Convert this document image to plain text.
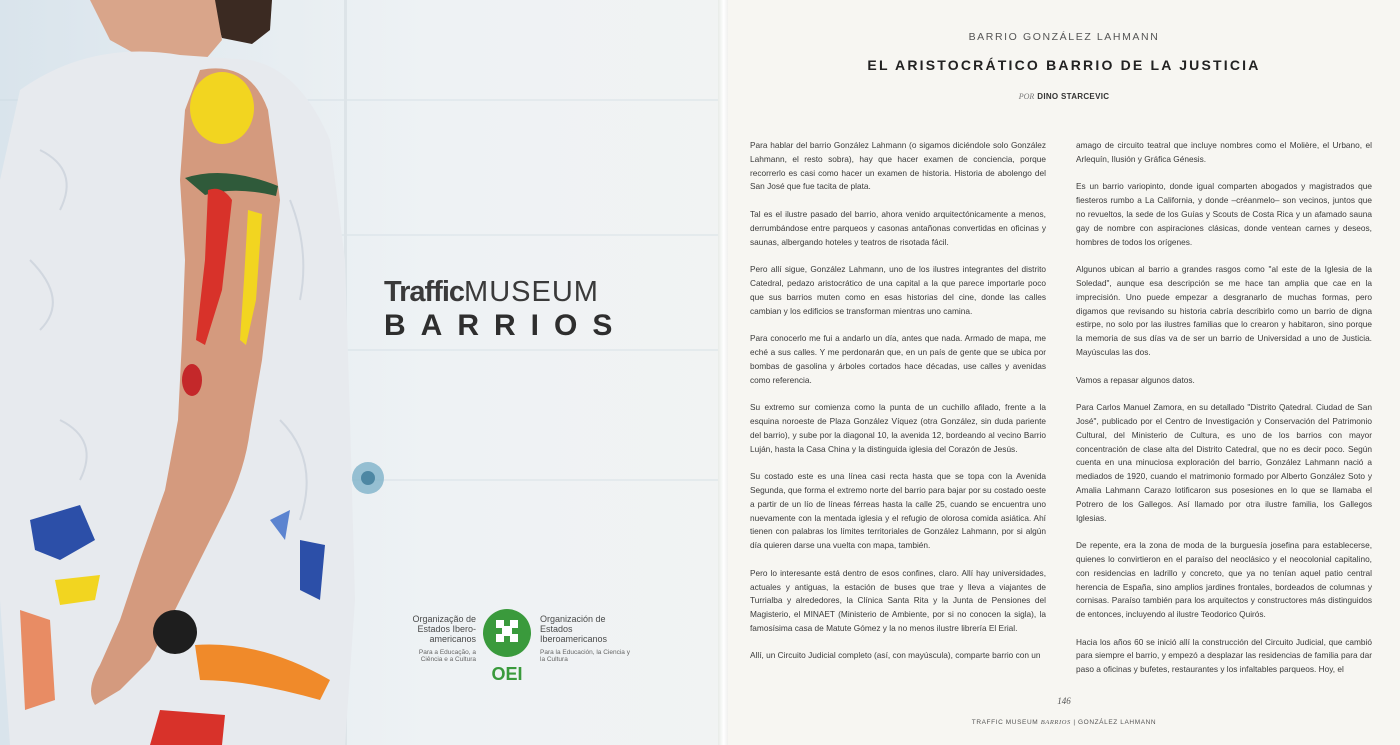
TrafficMUSEUM
BARRIOS
Organização de Estados Ibero-americanos
Para a Educação, a Ciência e a Cultura
OEI
Organización de Estados Iberoamericanos
Para la Educación, la Ciencia y la Cultura
BARRIO GONZÁLEZ LAHMANN
EL ARISTOCRÁTICO BARRIO DE LA JUSTICIA
POR DINO STARCEVIC

Para hablar del barrio González Lahmann (o sigamos diciéndole solo González Lahmann, el resto sobra), hay que hacer examen de conciencia, porque recorrerlo es casi como hacer un examen de historia. Historia de abolengo del San José que fue tacita de plata.

Tal es el ilustre pasado del barrio, ahora venido arquitectónicamente a menos, derrumbándose entre parqueos y casonas antañonas convertidas en oficinas y saunas, albergando hoteles y teatros de risotada fácil.

Pero allí sigue, González Lahmann, uno de los ilustres integrantes del distrito Catedral, pedazo aristocrático de una capital a la que parece importarle poco que sus barrios muten como en esas historias del cine, donde las calles cambian y los edificios se transforman mientras uno camina.

Para conocerlo me fui a andarlo un día, antes que nada. Armado de mapa, me eché a sus calles. Y me perdonarán que, en un país de gente que se ubica por bombas de gasolina y árboles cortados hace décadas, use calles y avenidas como referencia.

Su extremo sur comienza como la punta de un cuchillo afilado, frente a la esquina noroeste de Plaza González Víquez (otra González, sin duda pariente del barrio), y sube por la diagonal 10, la avenida 12, bordeando al vecino Barrio Luján, hasta la Casa China y la distinguida iglesia del Corazón de Jesús.

Su costado este es una línea casi recta hasta que se topa con la Avenida Segunda, que forma el extremo norte del barrio para bajar por su costado oeste a partir de un lío de líneas férreas hasta la calle 25, cuando se encuentra uno nuevamente con la mentada iglesia y el refugio de olorosa comida asiática. Ahí tienen con palabras los límites territoriales de González Lahmann, por si algún día quieren darse una vuelta con mapa, también.

Pero lo interesante está dentro de esos confines, claro. Allí hay universidades, actuales y antiguas, la estación de buses que trae y lleva a viajantes de Turrialba y alrededores, la Clínica Santa Rita y la Junta de Pensiones del Magisterio, el MINAET (Ministerio de Ambiente, por si no conocen la sigla), la famosísima casa de Matute Gómez y la no menos ilustre librería El Erial.

Allí, un Circuito Judicial completo (así, con mayúscula), comparte barrio con un

amago de circuito teatral que incluye nombres como el Molière, el Urbano, el Arlequín, Ilusión y Gráfica Génesis.

Es un barrio variopinto, donde igual comparten abogados y magistrados que fiesteros rumbo a La California, y donde –créanmelo– son vecinos, juntos que no revueltos, la sede de los Guías y Scouts de Costa Rica y un afamado sauna gay de nombre con aspiraciones clásicas, donde ventean carnes y deseos, hombres de todos los orígenes.

Algunos ubican al barrio a grandes rasgos como "al este de la Iglesia de la Soledad", aunque esa descripción se me hace tan amplia que cae en la imprecisión. Uno puede empezar a desgranarlo de muchas formas, pero digamos que revisando su historia cabría describirlo como un barrio de digna estirpe, no solo por las ilustres familias que lo crearon y habitaron, sino porque la memoria de sus días va de ser un barrio de Universidad a uno de Justicia. Mayúsculas las dos.

Vamos a repasar algunos datos.

Para Carlos Manuel Zamora, en su detallado "Distrito Qatedral. Ciudad de San José", publicado por el Centro de Investigación y Conservación del Patrimonio Cultural, del Ministerio de Cultura, es uno de los barrios con mayor concentración de clase alta del Distrito Catedral, que no es decir poco. Según cuenta en una minuciosa exploración del barrio, González Lahmann nació a mediados de 1920, cuando el matrimonio formado por Alberto González Soto y Amalia Lahmann Carazo lotificaron sus posesiones en lo que se llamaba el Potrero de los Gallegos. Así llamado por otra ilustre familia, los Gallegos Iglesias.

De repente, era la zona de moda de la burguesía josefina para establecerse, quienes lo convirtieron en el paraíso del neoclásico y el neocolonial capitalino, con residencias en ladrillo y concreto, que ya no tenían aquel patio central herencia de España, sino amplios jardines frontales, bordeados de columnas y cornisas. Paraíso también para los arquitectos y constructores más distinguidos de entonces, incluyendo al ilustre Teodorico Quirós.

Hacia los años 60 se inició allí la construcción del Circuito Judicial, que cambió para siempre el barrio, y empezó a desplazar las residencias de familia para dar paso a oficinas y bufetes, restaurantes y los infaltables parqueos. Hoy, el

146
TRAFFIC MUSEUM BARRIOS | GONZÁLEZ LAHMANN
